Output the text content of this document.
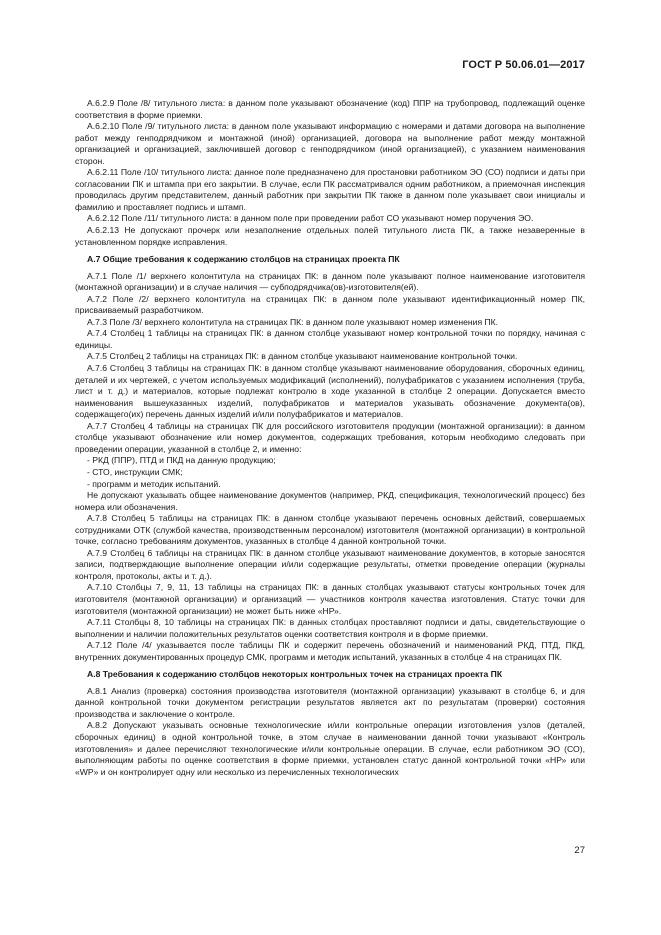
ГОСТ Р 50.06.01—2017

А.6.2.9 Поле /8/ титульного листа: в данном поле указывают обозначение (код) ППР на трубопровод, подлежащий оценке соответствия в форме приемки.

А.6.2.10 Поле /9/ титульного листа: в данном поле указывают информацию с номерами и датами договора на выполнение работ между генподрядчиком и монтажной (иной) организацией, договора на выполнение работ между монтажной организацией и организацией, заключившей договор с генподрядчиком (иной организацией), с указанием наименования сторон.

А.6.2.11 Поле /10/ титульного листа: данное поле предназначено для простановки работником ЭО (СО) подписи и даты при согласовании ПК и штампа при его закрытии. В случае, если ПК рассматривался одним работником, а приемочная инспекция проводилась другим представителем, данный работник при закрытии ПК также в данном поле указывает свои инициалы и фамилию и проставляет подпись и штамп.

А.6.2.12 Поле /11/ титульного листа: в данном поле при проведении работ СО указывают номер поручения ЭО.

А.6.2.13 Не допускают прочерк или незаполнение отдельных полей титульного листа ПК, а также незаверенные в установленном порядке исправления.

А.7 Общие требования к содержанию столбцов на страницах проекта ПК

А.7.1 Поле /1/ верхнего колонтитула на страницах ПК: в данном поле указывают полное наименование изготовителя (монтажной организации) и в случае наличия — субподрядчика(ов)-изготовителя(ей).

А.7.2 Поле /2/ верхнего колонтитула на страницах ПК: в данном поле указывают идентификационный номер ПК, присваиваемый разработчиком.

А.7.3 Поле /3/ верхнего колонтитула на страницах ПК: в данном поле указывают номер изменения ПК.

А.7.4 Столбец 1 таблицы на страницах ПК: в данном столбце указывают номер контрольной точки по порядку, начиная с единицы.

А.7.5 Столбец 2 таблицы на страницах ПК: в данном столбце указывают наименование контрольной точки.

А.7.6 Столбец 3 таблицы на страницах ПК: в данном столбце указывают наименование оборудования, сборочных единиц, деталей и их чертежей, с учетом используемых модификаций (исполнений), полуфабрикатов с указанием исполнения (труба, лист и т. д.) и материалов, которые подлежат контролю в ходе указанной в столбце 2 операции. Допускается вместо наименования вышеуказанных изделий, полуфабрикатов и материалов указывать обозначение документа(ов), содержащего(их) перечень данных изделий и/или полуфабрикатов и материалов.

А.7.7 Столбец 4 таблицы на страницах ПК для российского изготовителя продукции (монтажной организации): в данном столбце указывают обозначение или номер документов, содержащих требования, которым необходимо следовать при проведении операции, указанной в столбце 2, и именно:

- РКД (ППР), ПТД и ПКД на данную продукцию;

- СТО, инструкции СМК;

- программ и методик испытаний.

Не допускают указывать общее наименование документов (например, РКД, спецификация, технологический процесс) без номера или обозначения.

А.7.8 Столбец 5 таблицы на страницах ПК: в данном столбце указывают перечень основных действий, совершаемых сотрудниками ОТК (службой качества, производственным персоналом) изготовителя (монтажной организации) в контрольной точке, согласно требованиям документов, указанных в столбце 4 данной контрольной точки.

А.7.9 Столбец 6 таблицы на страницах ПК: в данном столбце указывают наименование документов, в которые заносятся записи, подтверждающие выполнение операции и/или содержащие результаты, отметки проведение операции (журналы контроля, протоколы, акты и т. д.).

А.7.10 Столбцы 7, 9, 11, 13 таблицы на страницах ПК: в данных столбцах указывают статусы контрольных точек для изготовителя (монтажной организации) и организаций — участников контроля качества изготовления. Статус точки для изготовителя (монтажной организации) не может быть ниже «НР».

А.7.11 Столбцы 8, 10 таблицы на страницах ПК: в данных столбцах проставляют подписи и даты, свидетельствующие о выполнении и наличии положительных результатов оценки соответствия контроля и в форме приемки.

А.7.12 Поле /4/ указывается после таблицы ПК и содержит перечень обозначений и наименований РКД, ПТД, ПКД, внутренних документированных процедур СМК, программ и методик испытаний, указанных в столбце 4 на страницах ПК.

А.8 Требования к содержанию столбцов некоторых контрольных точек на страницах проекта ПК

А.8.1 Анализ (проверка) состояния производства изготовителя (монтажной организации) указывают в столбце 6, и для данной контрольной точки документом регистрации результатов является акт по результатам (проверки) состояния производства и заключение о контроле.

А.8.2 Допускают указывать основные технологические и/или контрольные операции изготовления узлов (деталей, сборочных единиц) в одной контрольной точке, в этом случае в наименовании данной точки указывают «Контроль изготовления» и далее перечисляют технологические и/или контрольные операции. В случае, если работником ЭО (СО), выполняющим работы по оценке соответствия в форме приемки, установлен статус данной контрольной точки «НР» или «WP» и он контролирует одну или несколько из перечисленных технологических

27
